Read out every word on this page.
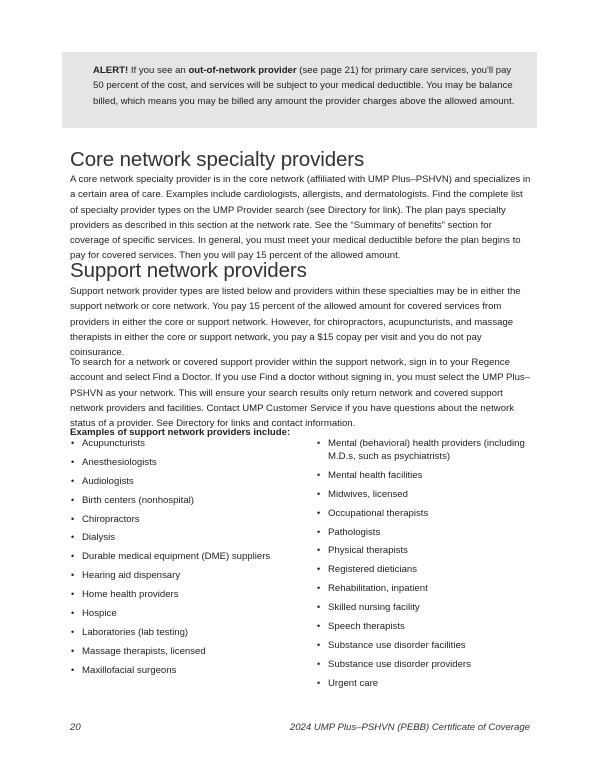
ALERT! If you see an out-of-network provider (see page 21) for primary care services, you'll pay 50 percent of the cost, and services will be subject to your medical deductible. You may be balance billed, which means you may be billed any amount the provider charges above the allowed amount.
Core network specialty providers

A core network specialty provider is in the core network (affiliated with UMP Plus–PSHVN) and specializes in a certain area of care. Examples include cardiologists, allergists, and dermatologists. Find the complete list of specialty provider types on the UMP Provider search (see Directory for link). The plan pays specialty providers as described in this section at the network rate. See the “Summary of benefits” section for coverage of specific services. In general, you must meet your medical deductible before the plan begins to pay for covered services. Then you will pay 15 percent of the allowed amount.

Support network providers

Support network provider types are listed below and providers within these specialties may be in either the support network or core network. You pay 15 percent of the allowed amount for covered services from providers in either the core or support network. However, for chiropractors, acupuncturists, and massage therapists in either the core or support network, you pay a $15 copay per visit and you do not pay coinsurance.

To search for a network or covered support provider within the support network, sign in to your Regence account and select Find a Doctor. If you use Find a doctor without signing in, you must select the UMP Plus–PSHVN as your network. This will ensure your search results only return network and covered support network providers and facilities. Contact UMP Customer Service if you have questions about the network status of a provider. See Directory for links and contact information.

Examples of support network providers include:

• Acupuncturists
• Anesthesiologists
• Audiologists
• Birth centers (nonhospital)
• Chiropractors
• Dialysis
• Durable medical equipment (DME) suppliers
• Hearing aid dispensary
• Home health providers
• Hospice
• Laboratories (lab testing)
• Massage therapists, licensed
• Maxillofacial surgeons
• Mental (behavioral) health providers (including M.D.s, such as psychiatrists)
• Mental health facilities
• Midwives, licensed
• Occupational therapists
• Pathologists
• Physical therapists
• Registered dieticians
• Rehabilitation, inpatient
• Skilled nursing facility
• Speech therapists
• Substance use disorder facilities
• Substance use disorder providers
• Urgent care
20	2024 UMP Plus–PSHVN (PEBB) Certificate of Coverage
